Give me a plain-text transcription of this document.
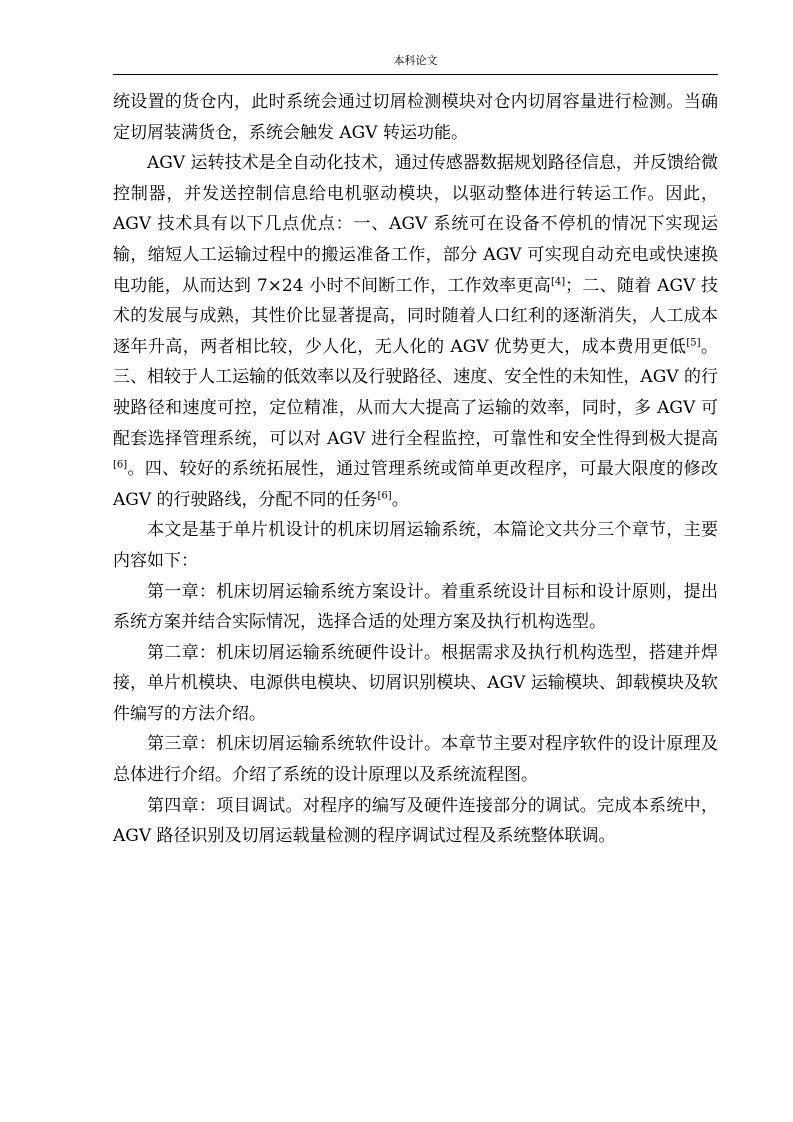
本科论文

统设置的货仓内，此时系统会通过切屑检测模块对仓内切屑容量进行检测。当确定切屑装满货仓，系统会触发 AGV 转运功能。

AGV 运转技术是全自动化技术，通过传感器数据规划路径信息，并反馈给微控制器，并发送控制信息给电机驱动模块，以驱动整体进行转运工作。因此，AGV 技术具有以下几点优点：一、AGV 系统可在设备不停机的情况下实现运输，缩短人工运输过程中的搬运准备工作，部分 AGV 可实现自动充电或快速换电功能，从而达到 7×24 小时不间断工作，工作效率更高[4]；二、随着 AGV 技术的发展与成熟，其性价比显著提高，同时随着人口红利的逐渐消失，人工成本逐年升高，两者相比较，少人化，无人化的 AGV 优势更大，成本费用更低[5]。三、相较于人工运输的低效率以及行驶路径、速度、安全性的未知性，AGV 的行驶路径和速度可控，定位精准，从而大大提高了运输的效率，同时，多 AGV 可配套选择管理系统，可以对 AGV 进行全程监控，可靠性和安全性得到极大提高[6]。四、较好的系统拓展性，通过管理系统或简单更改程序，可最大限度的修改 AGV 的行驶路线，分配不同的任务[6]。

本文是基于单片机设计的机床切屑运输系统，本篇论文共分三个章节，主要内容如下：

第一章：机床切屑运输系统方案设计。着重系统设计目标和设计原则，提出系统方案并结合实际情况，选择合适的处理方案及执行机构选型。

第二章：机床切屑运输系统硬件设计。根据需求及执行机构选型，搭建并焊接，单片机模块、电源供电模块、切屑识别模块、AGV 运输模块、卸载模块及软件编写的方法介绍。

第三章：机床切屑运输系统软件设计。本章节主要对程序软件的设计原理及总体进行介绍。介绍了系统的设计原理以及系统流程图。

第四章：项目调试。对程序的编写及硬件连接部分的调试。完成本系统中，AGV 路径识别及切屑运载量检测的程序调试过程及系统整体联调。
